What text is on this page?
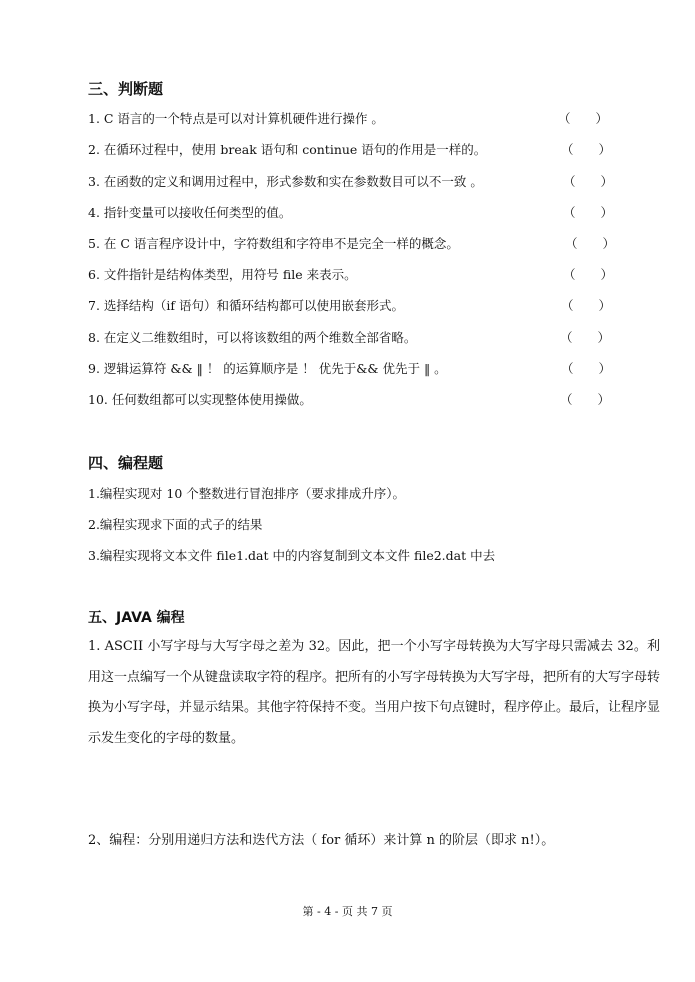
三、判断题
1. C 语言的一个特点是可以对计算机硬件进行操作 。	（　　）
2. 在循环过程中，使用 break 语句和 continue 语句的作用是一样的。	（　　）
3. 在函数的定义和调用过程中，形式参数和实在参数数目可以不一致 。	（　　）
4. 指针变量可以接收任何类型的值。	（　　）
5. 在 C 语言程序设计中，字符数组和字符串不是完全一样的概念。	（　　）
6. 文件指针是结构体类型，用符号 file 来表示。	（　　）
7. 选择结构（if 语句）和循环结构都可以使用嵌套形式。	（　　）
8. 在定义二维数组时，可以将该数组的两个维数全部省略。	（　　）
9. 逻辑运算符 && ‖ ！ 的运算顺序是 ！ 优先于&& 优先于 ‖ 。	（　　）
10. 任何数组都可以实现整体使用操做。	（　　）
四、编程题
1.编程实现对 10 个整数进行冒泡排序（要求排成升序）。
2.编程实现求下面的式子的结果
3.编程实现将文本文件 file1.dat 中的内容复制到文本文件 file2.dat 中去
五、JAVA 编程
1. ASCII 小写字母与大写字母之差为 32。因此，把一个小写字母转换为大写字母只需减去 32。利用这一点编写一个从键盘读取字符的程序。把所有的小写字母转换为大写字母，把所有的大写字母转换为小写字母，并显示结果。其他字符保持不变。当用户按下句点键时，程序停止。最后，让程序显示发生变化的字母的数量。
2、编程：分别用递归方法和迭代方法（ for 循环）来计算 n 的阶层（即求 n!）。
第 - 4 - 页 共 7 页
